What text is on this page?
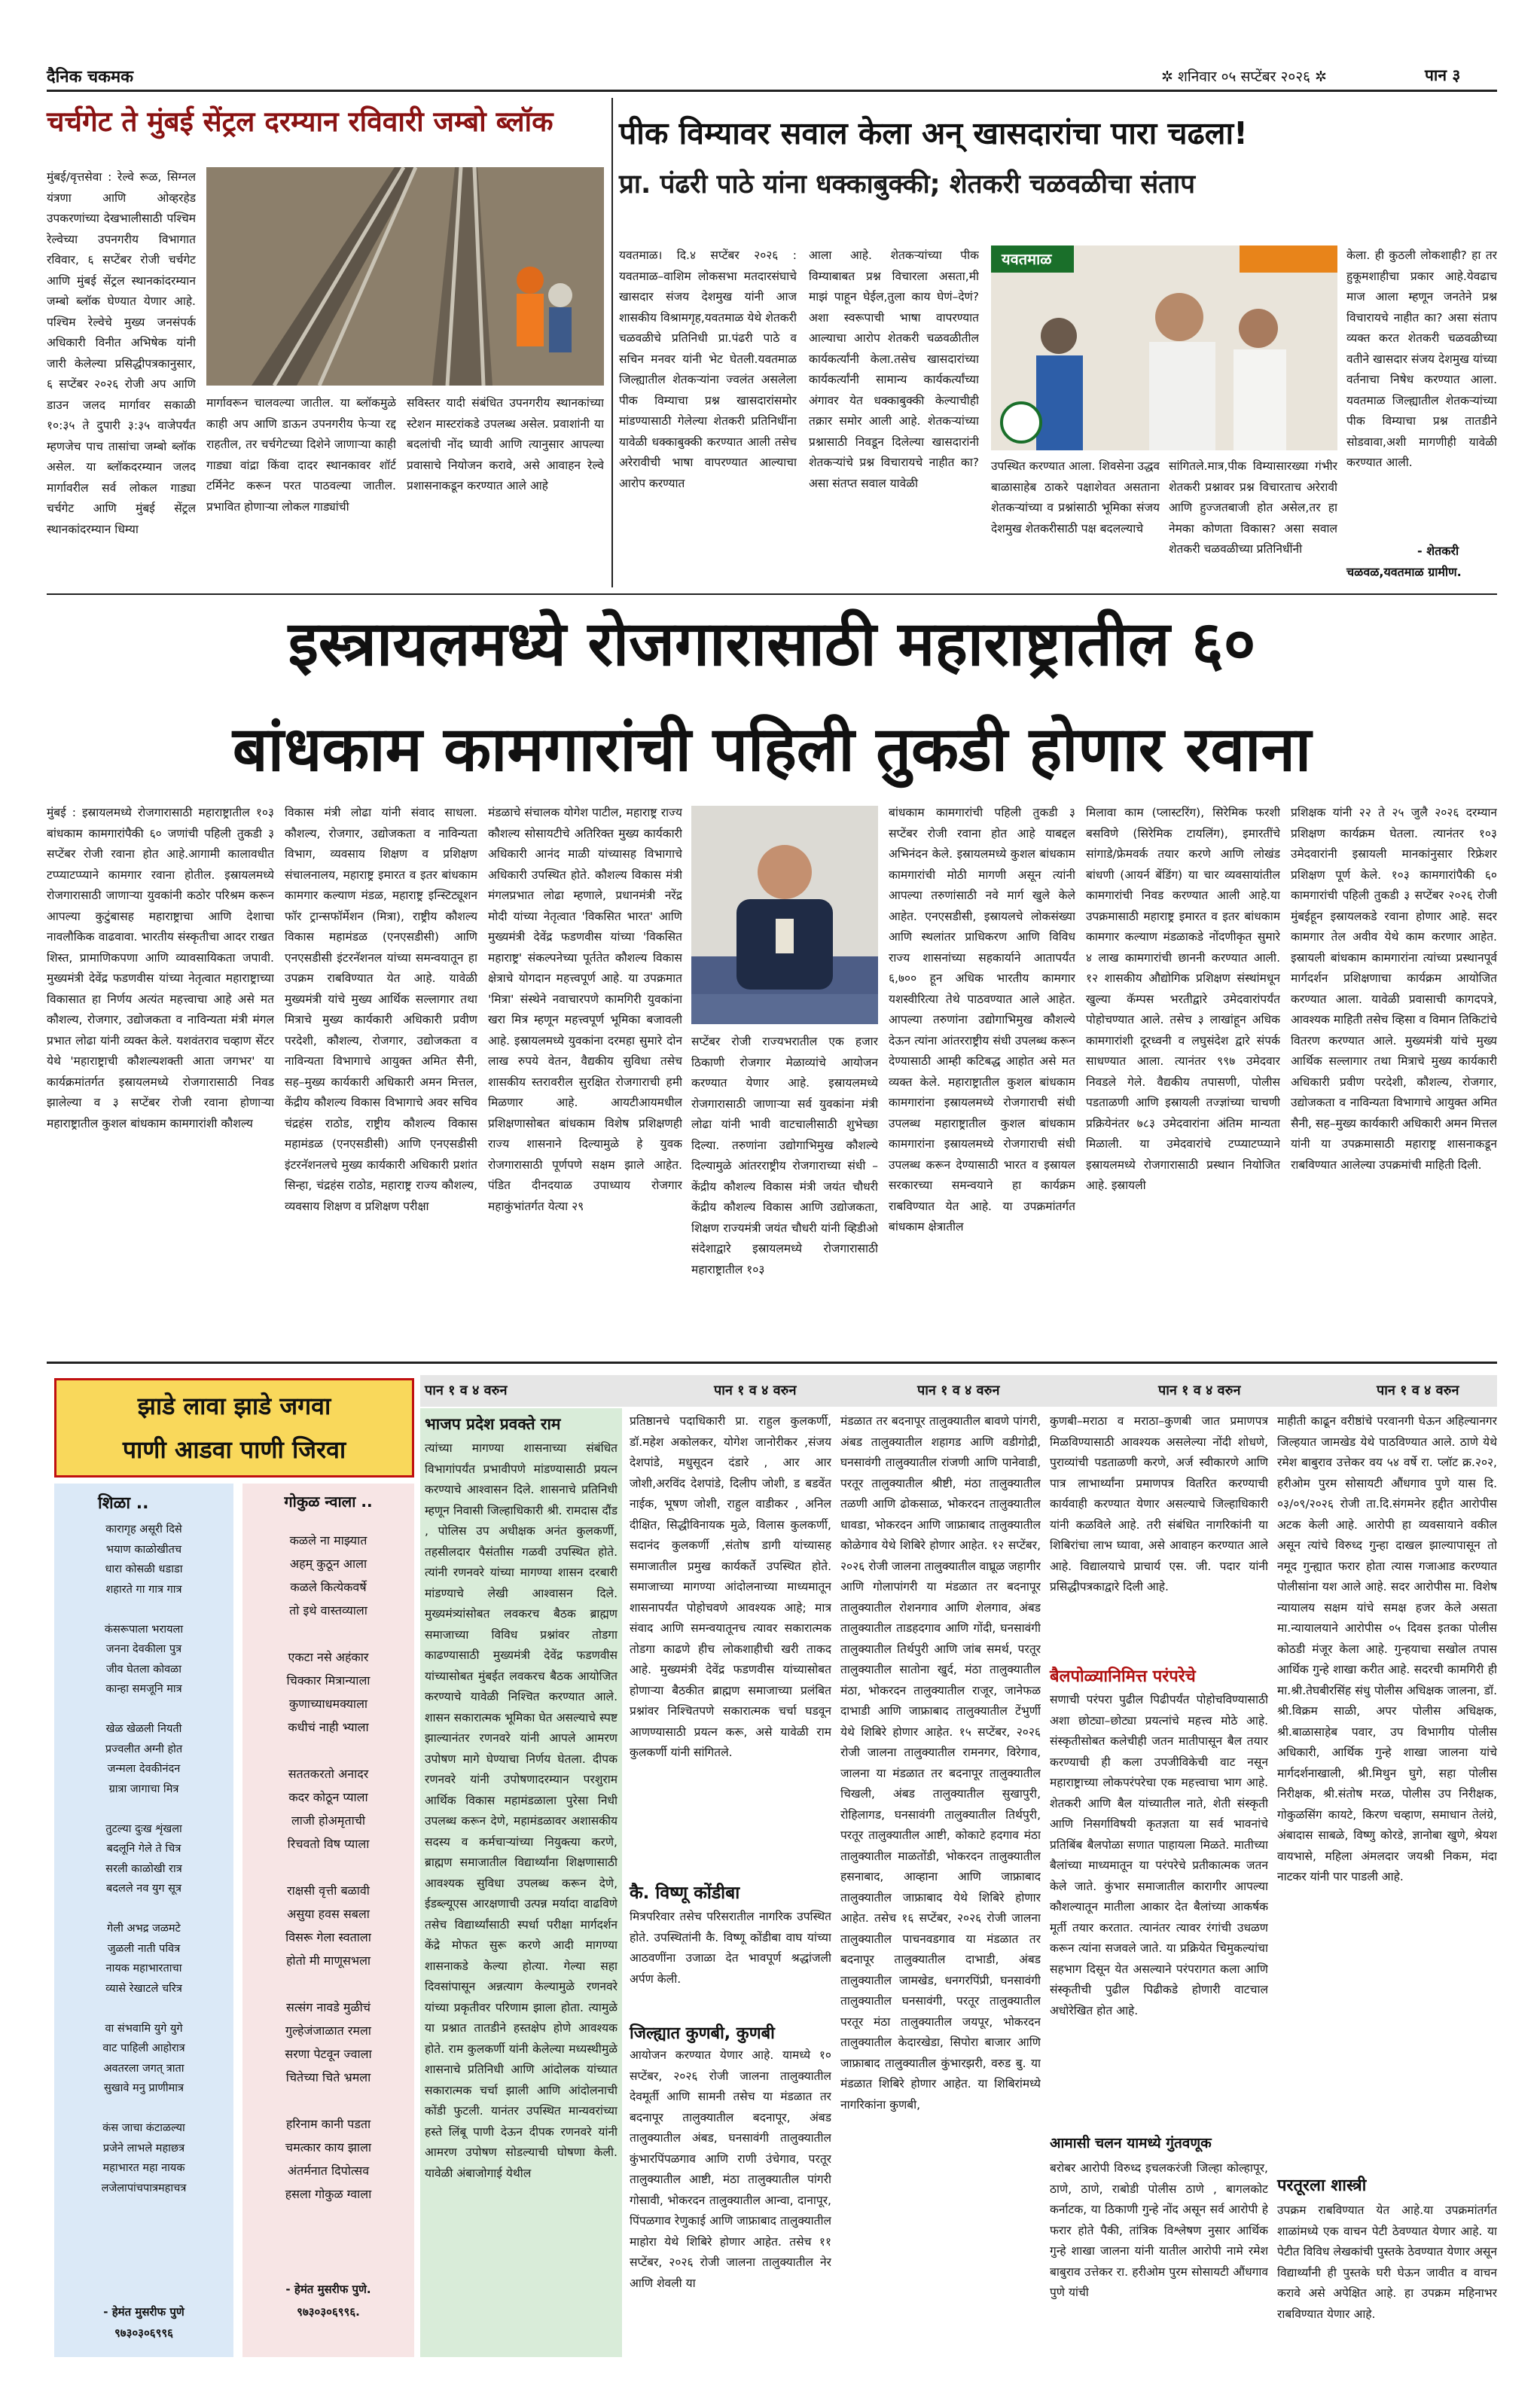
दैनिक चकमक	✲ शनिवार ०५ सप्टेंबर २०२६ ✲	पान ३
चर्चगेट ते मुंबई सेंट्रल दरम्यान रविवारी जम्बो ब्लॉक
मुंबई/वृत्तसेवा : रेल्वे रूळ, सिग्नल यंत्रणा आणि ओव्हरहेड उपकरणांच्या देखभालीसाठी पश्चिम रेल्वेच्या उपनगरीय विभागात रविवार, ६ सप्टेंबर रोजी चर्चगेट आणि मुंबई सेंट्रल स्थानकांदरम्यान जम्बो ब्लॉक घेण्यात येणार आहे. पश्चिम रेल्वेचे मुख्य जनसंपर्क अधिकारी विनीत अभिषेक यांनी जारी केलेल्या प्रसिद्धीपत्रकानुसार, ६ सप्टेंबर २०२६ रोजी अप आणि डाउन जलद मार्गावर सकाळी १०:३५ ते दुपारी ३:३५ वाजेपर्यंत म्हणजेच पाच तासांचा जम्बो ब्लॉक असेल. या ब्लॉकदरम्यान जलद मार्गावरील सर्व लोकल गाड्या चर्चगेट आणि मुंबई सेंट्रल स्थानकांदरम्यान धिम्या
मार्गावरून चालवल्या जातील. या ब्लॉकमुळे काही अप आणि डाऊन उपनगरीय फेऱ्या रद्द राहतील, तर चर्चगेटच्या दिशेने जाणाऱ्या काही गाड्या वांद्रा किंवा दादर स्थानकावर शॉर्ट टर्मिनेट करून परत पाठवल्या जातील. प्रभावित होणाऱ्या लोकल गाड्यांची
सविस्तर यादी संबंधित उपनगरीय स्थानकांच्या स्टेशन मास्टरांकडे उपलब्ध असेल. प्रवाशांनी या बदलांची नोंद घ्यावी आणि त्यानुसार आपल्या प्रवासाचे नियोजन करावे, असे आवाहन रेल्वे प्रशासनाकडून करण्यात आले आहे
पीक विम्यावर सवाल केला अन् खासदारांचा पारा चढला!
प्रा. पंढरी पाठे यांना धक्काबुक्की; शेतकरी चळवळीचा संताप
यवतमाळ। दि.४ सप्टेंबर २०२६ : यवतमाळ–वाशिम लोकसभा मतदारसंघाचे खासदार संजय देशमुख यांनी आज शासकीय विश्रामगृह,यवतमाळ येथे शेतकरी चळवळीचे प्रतिनिधी प्रा.पंढरी पाठे व सचिन मनवर यांनी भेट घेतली.यवतमाळ जिल्ह्यातील शेतकऱ्यांना ज्वलंत असलेला पीक विम्याचा प्रश्न खासदारांसमोर मांडण्यासाठी गेलेल्या शेतकरी प्रतिनिधींना यावेळी धक्काबुक्की करण्यात आली तसेच अरेरावीची भाषा वापरण्यात आल्याचा आरोप करण्यात
आला आहे. शेतकऱ्यांच्या पीक विम्याबाबत प्रश्न विचारला असता,मी माझं पाहून घेईल,तुला काय घेणं–देणं? अशा स्वरूपाची भाषा वापरण्यात आल्याचा आरोप शेतकरी चळवळीतील कार्यकर्त्यांनी केला.तसेच खासदारांच्या कार्यकर्त्यांनी सामान्य कार्यकर्त्यांच्या अंगावर येत धक्काबुक्की केल्याचीही तक्रार समोर आली आहे. शेतकऱ्यांच्या प्रश्नासाठी निवडून दिलेल्या खासदारांनी शेतकऱ्यांचे प्रश्न विचारायचे नाहीत का? असा संतप्त सवाल यावेळी
यवतमाळ
उपस्थित करण्यात आला. शिवसेना उद्धव बाळासाहेब ठाकरे पक्षाशेवत असताना शेतकऱ्यांच्या व प्रश्नांसाठी भूमिका संजय देशमुख शेतकरीसाठी पक्ष बदलल्याचे
सांगितले.मात्र,पीक विम्यासारख्या गंभीर शेतकरी प्रश्नावर प्रश्न विचारताच अरेरावी आणि हुज्जतबाजी होत असेल,तर हा नेमका कोणता विकास? असा सवाल शेतकरी चळवळीच्या प्रतिनिधींनी
केला. ही कुठली लोकशाही? हा तर हुकूमशाहीचा प्रकार आहे.येवढाच माज आला म्हणून जनतेने प्रश्न विचारायचे नाहीत का? असा संताप व्यक्त करत शेतकरी चळवळीच्या वतीने खासदार संजय देशमुख यांच्या वर्तनाचा निषेध करण्यात आला. यवतमाळ जिल्ह्यातील शेतकऱ्यांच्या पीक विम्याचा प्रश्न तातडीने सोडवावा,अशी मागणीही यावेळी करण्यात आली.
- शेतकरी
चळवळ,यवतमाळ ग्रामीण.
इस्त्रायलमध्ये रोजगारासाठी महाराष्ट्रातील ६०
बांधकाम कामगारांची पहिली तुकडी होणार रवाना
मुंबई : इस्रायलमध्ये रोजगारासाठी महाराष्ट्रातील १०३ बांधकाम कामगारांपैकी ६० जणांची पहिली तुकडी ३ सप्टेंबर रोजी रवाना होत आहे.आगामी कालावधीत टप्प्याटप्प्याने कामगार रवाना होतील. इस्रायलमध्ये रोजगारासाठी जाणाऱ्या युवकांनी कठोर परिश्रम करून आपल्या कुटुंबासह महाराष्ट्राचा आणि देशाचा नावलौकिक वाढवावा. भारतीय संस्कृतीचा आदर राखत शिस्त, प्रामाणिकपणा आणि व्यावसायिकता जपावी. मुख्यमंत्री देवेंद्र फडणवीस यांच्या नेतृत्वात महाराष्ट्राच्या विकासात हा निर्णय अत्यंत महत्त्वाचा आहे असे मत कौशल्य, रोजगार, उद्योजकता व नाविन्यता मंत्री मंगल प्रभात लोढा यांनी व्यक्त केले. यशवंतराव चव्हाण सेंटर येथे 'महाराष्ट्राची कौशल्यशक्ती आता जगभर' या कार्यक्रमांतर्गत इस्रायलमध्ये रोजगारासाठी निवड झालेल्या व ३ सप्टेंबर रोजी रवाना होणाऱ्या महाराष्ट्रातील कुशल बांधकाम कामगारांशी कौशल्य
विकास मंत्री लोढा यांनी संवाद साधला. कौशल्य, रोजगार, उद्योजकता व नाविन्यता विभाग, व्यवसाय शिक्षण व प्रशिक्षण संचालनालय, महाराष्ट्र इमारत व इतर बांधकाम कामगार कल्याण मंडळ, महाराष्ट्र इन्स्टिट्यूशन फॉर ट्रान्सफॉर्मेशन (मित्रा), राष्ट्रीय कौशल्य विकास महामंडळ (एनएसडीसी) आणि एनएसडीसी इंटरनॅशनल यांच्या समन्वयातून हा उपक्रम राबविण्यात येत आहे. यावेळी मुख्यमंत्री यांचे मुख्य आर्थिक सल्लागार तथा मित्राचे मुख्य कार्यकारी अधिकारी प्रवीण परदेशी, कौशल्य, रोजगार, उद्योजकता व नाविन्यता विभागाचे आयुक्त अमित सैनी, सह–मुख्य कार्यकारी अधिकारी अमन मित्तल, केंद्रीय कौशल्य विकास विभागाचे अवर सचिव चंद्रहंस राठोड, राष्ट्रीय कौशल्य विकास महामंडळ (एनएसडीसी) आणि एनएसडीसी इंटरनॅशनलचे मुख्य कार्यकारी अधिकारी प्रशांत सिन्हा, चंद्रहंस राठोड, महाराष्ट्र राज्य कौशल्य, व्यवसाय शिक्षण व प्रशिक्षण परीक्षा
मंडळाचे संचालक योगेश पाटील, महाराष्ट्र राज्य कौशल्य सोसायटीचे अतिरिक्त मुख्य कार्यकारी अधिकारी आनंद माळी यांच्यासह विभागाचे अधिकारी उपस्थित होते. कौशल्य विकास मंत्री मंगलप्रभात लोढा म्हणाले, प्रधानमंत्री नरेंद्र मोदी यांच्या नेतृत्वात 'विकसित भारत' आणि मुख्यमंत्री देवेंद्र फडणवीस यांच्या 'विकसित महाराष्ट्र' संकल्पनेच्या पूर्ततेत कौशल्य विकास क्षेत्राचे योगदान महत्त्वपूर्ण आहे. या उपक्रमात 'मित्रा' संस्थेने नवाचारपणे कामगिरी युवकांना खरा मित्र म्हणून महत्त्वपूर्ण भूमिका बजावली आहे. इस्रायलमध्ये युवकांना दरमहा सुमारे दोन लाख रुपये वेतन, वैद्यकीय सुविधा तसेच शासकीय स्तरावरील सुरक्षित रोजगाराची हमी मिळणार आहे. आयटीआयमधील प्रशिक्षणासोबत बांधकाम विशेष प्रशिक्षणही राज्य शासनाने दिल्यामुळे हे युवक रोजगारासाठी पूर्णपणे सक्षम झाले आहेत. पंडित दीनदयाळ उपाध्याय रोजगार महाकुंभांतर्गत येत्या २९
सप्टेंबर रोजी राज्यभरातील एक हजार ठिकाणी रोजगार मेळाव्यांचे आयोजन करण्यात येणार आहे. इस्रायलमध्ये रोजगारासाठी जाणाऱ्या सर्व युवकांना मंत्री लोढा यांनी भावी वाटचालीसाठी शुभेच्छा दिल्या. तरुणांना उद्योगाभिमुख कौशल्ये दिल्यामुळे आंतरराष्ट्रीय रोजगाराच्या संधी – केंद्रीय कौशल्य विकास मंत्री जयंत चौधरी केंद्रीय कौशल्य विकास आणि उद्योजकता, शिक्षण राज्यमंत्री जयंत चौधरी यांनी व्हिडीओ संदेशाद्वारे इस्रायलमध्ये रोजगारासाठी महाराष्ट्रातील १०३
बांधकाम कामगारांची पहिली तुकडी ३ सप्टेंबर रोजी रवाना होत आहे याबद्दल अभिनंदन केले. इस्रायलमध्ये कुशल बांधकाम कामगारांची मोठी मागणी असून त्यांनी आपल्या तरुणांसाठी नवे मार्ग खुले केले आहेत. एनएसडीसी, इस्रायलचे लोकसंख्या आणि स्थलांतर प्राधिकरण आणि विविध राज्य शासनांच्या सहकार्याने आतापर्यंत ६,७०० हून अधिक भारतीय कामगार यशस्वीरित्या तेथे पाठवण्यात आले आहेत. आपल्या तरुणांना उद्योगाभिमुख कौशल्ये देऊन त्यांना आंतरराष्ट्रीय संधी उपलब्ध करून देण्यासाठी आम्ही कटिबद्ध आहोत असे मत व्यक्त केले. महाराष्ट्रातील कुशल बांधकाम कामगारांना इस्रायलमध्ये रोजगाराची संधी उपलब्ध महाराष्ट्रातील कुशल बांधकाम कामगारांना इस्रायलमध्ये रोजगाराची संधी उपलब्ध करून देण्यासाठी भारत व इस्रायल सरकारच्या समन्वयाने हा कार्यक्रम राबविण्यात येत आहे. या उपक्रमांतर्गत बांधकाम क्षेत्रातील
मिलावा काम (प्लास्टरिंग), सिरेमिक फरशी बसविणे (सिरेमिक टायलिंग), इमारतींचे सांगाडे/फ्रेमवर्क तयार करणे आणि लोखंड बांधणी (आयर्न बेंडिंग) या चार व्यवसायांतील कामगारांची निवड करण्यात आली आहे.या उपक्रमासाठी महाराष्ट्र इमारत व इतर बांधकाम कामगार कल्याण मंडळाकडे नोंदणीकृत सुमारे ४ लाख कामगारांची छाननी करण्यात आली. १२ शासकीय औद्योगिक प्रशिक्षण संस्थांमधून खुल्या कॅम्पस भरतीद्वारे उमेदवारांपर्यंत पोहोचण्यात आले. तसेच ३ लाखांहून अधिक कामगारांशी दूरध्वनी व लघुसंदेश द्वारे संपर्क साधण्यात आला. त्यानंतर ९९७ उमेदवार निवडले गेले. वैद्यकीय तपासणी, पोलीस पडताळणी आणि इस्रायली तज्ज्ञांच्या चाचणी प्रक्रियेनंतर ७८३ उमेदवारांना अंतिम मान्यता मिळाली. या उमेदवारांचे टप्प्याटप्प्याने इस्रायलमध्ये रोजगारासाठी प्रस्थान नियोजित आहे. इस्रायली
प्रशिक्षक यांनी २२ ते २५ जुलै २०२६ दरम्यान प्रशिक्षण कार्यक्रम घेतला. त्यानंतर १०३ उमेदवारांनी इस्रायली मानकांनुसार रिफ्रेशर प्रशिक्षण पूर्ण केले. १०३ कामगारांपैकी ६० कामगारांची पहिली तुकडी ३ सप्टेंबर २०२६ रोजी मुंबईहून इस्रायलकडे रवाना होणार आहे. सदर कामगार तेल अवीव येथे काम करणार आहेत. इस्रायली बांधकाम कामगारांना त्यांच्या प्रस्थानपूर्व मार्गदर्शन प्रशिक्षणाचा कार्यक्रम आयोजित करण्यात आला. यावेळी प्रवासाची कागदपत्रे, आवश्यक माहिती तसेच व्हिसा व विमान तिकिटांचे वितरण करण्यात आले. मुख्यमंत्री यांचे मुख्य आर्थिक सल्लागार तथा मित्राचे मुख्य कार्यकारी अधिकारी प्रवीण परदेशी, कौशल्य, रोजगार, उद्योजकता व नाविन्यता विभागाचे आयुक्त अमित सैनी, सह–मुख्य कार्यकारी अधिकारी अमन मित्तल यांनी या उपक्रमासाठी महाराष्ट्र शासनाकडून राबविण्यात आलेल्या उपक्रमांची माहिती दिली.
झाडे लावा झाडे जगवा
पाणी आडवा पाणी जिरवा
शिळा ..
कारागृह असूरी दिसे
भयाण काळोखीतच
धारा कोसळी धडाडा
शहारते गा गात्र गात्र

कंसरूपाला भरायला
जनना देवकीला पुत्र
जीव घेतला कोवळा
कान्हा समजूनि मात्र

खेळ खेळली नियती
प्रज्वलीत अग्नी होत
जन्मला देवकीनंदन
ग्रात्रा जागाचा मित्र

तुटल्या दुःख शृंखला
बदलूनि गेले ते चित्र
सरली काळोखी रात्र
बदलले नव युग सूत्र

गेली अभद्र जळमटे
जुळली नाती पवित्र
नायक महाभारताचा
व्यासे रेखाटले चरित्र

वा संभवामि युगे युगे
वाट पाहिली आहोरात्र
अवतरला जगत् त्राता
सुखावे मनु प्राणीमात्र

कंस जाचा कंटाळल्या
प्रजेने लाभले महाछत्र
महाभारत महा नायक
लजेलापांचपात्रमहाचत्र
- हेमंत मुसरीफ पुणे
९७३०३०६९९६
गोकुळ न्वाला ..
कळले ना माझ्यात
अहम् कुठून आला
कळले कित्येकवर्षे
तो इथे वास्तव्याला

एकटा नसे अहंकार
चिक्कार मित्रान्याला
कुणाच्याधमक्याला
कधीचं नाही भ्याला

सततकरतो अनादर
कदर कोठून प्याला
लाजी होअमृताची
रिचवतो विष प्याला

राक्षसी वृत्ती बळावी
असुया हवस सबला
विसरू गेला स्वताला
होतो मी माणूसभला

सत्संग नावडे मुळीचं
गुल्हेजंजाळात रमला
सरणा पेटवून ज्वाला
चितेच्या चिते भ्रमला

हरिनाम कानी पडता
चमत्कार काय झाला
अंतर्मनात दिपोत्सव
हसला गोकुळ ग्वाला
- हेमंत मुसरीफ पुणे.
९७३०३०६९९६.
पान १ व ४ वरुन	पान १ व ४ वरुन	पान १ व ४ वरुन	पान १ व ४ वरुन	पान १ व ४ वरुन
भाजप प्रदेश प्रवक्ते राम
त्यांच्या मागण्या शासनाच्या संबंधित विभागांपर्यंत प्रभावीपणे मांडण्यासाठी प्रयत्न करण्याचे आश्वासन दिले. शासनाचे प्रतिनिधी म्हणून निवासी जिल्हाधिकारी श्री. रामदास दौंड , पोलिस उप अधीक्षक अनंत कुलकर्णी, तहसीलदार पैसंताीस गळवी उपस्थित होते. त्यांनी रणनवरे यांच्या मागण्या शासन दरबारी मांडण्याचे लेखी आश्वासन दिले. मुख्यमंत्र्यांसोबत लवकरच बैठक ब्राह्मण समाजाच्या विविध प्रश्नांवर तोडगा काढण्यासाठी मुख्यमंत्री देवेंद्र फडणवीस यांच्यासोबत मुंबईत लवकरच बैठक आयोजित करण्याचे यावेळी निश्चित करण्यात आले. शासन सकारात्मक भूमिका घेत असल्याचे स्पष्ट झाल्यानंतर रणनवरे यांनी आपले आमरण उपोषण मागे घेण्याचा निर्णय घेतला. दीपक रणनवरे यांनी उपोषणादरम्यान परशुराम आर्थिक विकास महामंडळाला पुरेसा निधी उपलब्ध करून देणे, महामंडळावर अशासकीय सदस्य व कर्मचाऱ्यांच्या नियुक्त्या करणे, ब्राह्मण समाजातील विद्यार्थ्यांना शिक्षणासाठी आवश्यक सुविधा उपलब्ध करून देणे, ईडब्ल्यूएस आरक्षणाची उत्पन्न मर्यादा वाढविणे तसेच विद्यार्थ्यांसाठी स्पर्धा परीक्षा मार्गदर्शन केंद्रे मोफत सुरू करणे आदी मागण्या शासनाकडे केल्या होत्या. गेल्या सहा दिवसांपासून अन्नत्याग केल्यामुळे रणनवरे यांच्या प्रकृतीवर परिणाम झाला होता. त्यामुळे या प्रश्नात तातडीने हस्तक्षेप होणे आवश्यक होते. राम कुलकर्णी यांनी केलेल्या मध्यस्थीमुळे शासनाचे प्रतिनिधी आणि आंदोलक यांच्यात सकारात्मक चर्चा झाली आणि आंदोलनाची कोंडी फुटली. यानंतर उपस्थित मान्यवरांच्या हस्ते लिंबू पाणी देऊन दीपक रणनवरे यांनी आमरण उपोषण सोडल्याची घोषणा केली. यावेळी अंबाजोगाई येथील
प्रतिष्ठानचे पदाधिकारी प्रा. राहुल कुलकर्णी, डॉ.महेश अकोलकर, योगेश जानोरीकर ,संजय देशपांडे, मधुसूदन दंडारे , आर आर जोशी,अरविंद देशपांडे, दिलीप जोशी, ड बडवेंत नाईक, भूषण जोशी, राहुल वाडीकर , अनिल दीक्षित, सिद्धीविनायक मुळे, विलास कुलकर्णी, सदानंद कुलकर्णी ,संतोष डागी यांच्यासह समाजातील प्रमुख कार्यकर्ते उपस्थित होते. समाजाच्या मागण्या आंदोलनाच्या माध्यमातून शासनापर्यंत पोहोचवणे आवश्यक आहे; मात्र संवाद आणि समन्वयातूनच त्यावर सकारात्मक तोडगा काढणे हीच लोकशाहीची खरी ताकद आहे. मुख्यमंत्री देवेंद्र फडणवीस यांच्यासोबत होणाऱ्या बैठकीत ब्राह्मण समाजाच्या प्रलंबित प्रश्नांवर निश्चितपणे सकारात्मक चर्चा घडवून आणण्यासाठी प्रयत्न करू, असे यावेळी राम कुलकर्णी यांनी सांगितले.
कै. विष्णू कोंडीबा
मित्रपरिवार तसेच परिसरातील नागरिक उपस्थित होते. उपस्थितांनी कै. विष्णू कोंडीबा वाघ यांच्या आठवणींना उजाळा देत भावपूर्ण श्रद्धांजली अर्पण केली.
जिल्ह्यात कुणबी, कुणबी
आयोजन करण्यात येणार आहे. यामध्ये १० सप्टेंबर, २०२६ रोजी जालना तालुक्यातील देवमूर्ती आणि सामनी तसेच या मंडळात तर बदनापूर तालुक्यातील बदनापूर, अंबड तालुक्यातील अंबड, घनसावंगी तालुक्यातील कुंभारपिंपळगाव आणि राणी उंचेगाव, परतूर तालुक्यातील आष्टी, मंठा तालुक्यातील पांगरी गोसावी, भोकरदन तालुक्यातील आन्वा, दानापूर, पिंपळगाव रेणुकाई आणि जाफ्राबाद तालुक्यातील माहोरा येथे शिबिरे होणार आहेत. तसेच ११ सप्टेंबर, २०२६ रोजी जालना तालुक्यातील नेर आणि शेवली या
मंडळात तर बदनापूर तालुक्यातील बावणे पांगरी, अंबड तालुक्यातील शहागड आणि वडीगोद्री, घनसावंगी तालुक्यातील रांजणी आणि पानेवाडी, परतूर तालुक्यातील श्रीष्टी, मंठा तालुक्यातील तळणी आणि ढोकसाळ, भोकरदन तालुक्यातील धावडा, भोकरदन आणि जाफ्राबाद तालुक्यातील कोळेगाव येथे शिबिरे होणार आहेत. १२ सप्टेंबर, २०२६ रोजी जालना तालुक्यातील वाघ्रूळ जहागीर आणि गोलापांगरी या मंडळात तर बदनापूर तालुक्यातील रोशनगाव आणि शेलगाव, अंबड तालुक्यातील ताडहदगाव आणि गोंदी, घनसावंगी तालुक्यातील तिर्थपुरी आणि जांब समर्थ, परतूर तालुक्यातील सातोना खुर्द, मंठा तालुक्यातील मंठा, भोकरदन तालुक्यातील राजूर, जानेफळ दाभाडी आणि जाफ्राबाद तालुक्यातील टेंभुर्णी येथे शिबिरे होणार आहेत. १५ सप्टेंबर, २०२६ रोजी जालना तालुक्यातील रामनगर, विरेगाव, जालना या मंडळात तर बदनापूर तालुक्यातील चिखली, अंबड तालुक्यातील सुखापुरी, रोहिलागड, घनसावंगी तालुक्यातील तिर्थपुरी, परतूर तालुक्यातील आष्टी, कोकाटे हदगाव मंठा तालुक्यातील माळतोंडी, भोकरदन तालुक्यातील हसनाबाद, आव्हाना आणि जाफ्राबाद तालुक्यातील जाफ्राबाद येथे शिबिरे होणार आहेत. तसेच १६ सप्टेंबर, २०२६ रोजी जालना तालुक्यातील पाचनवडगाव या मंडळात तर बदनापूर तालुक्यातील दाभाडी, अंबड तालुक्यातील जामखेड, धनगरपिंप्री, घनसावंगी तालुक्यातील घनसावंगी, परतूर तालुक्यातील परतूर मंठा तालुक्यातील जयपूर, भोकरदन तालुक्यातील केदारखेडा, सिपोरा बाजार आणि जाफ्राबाद तालुक्यातील कुंभारझरी, वरुड बु. या मंडळात शिबिरे होणार आहेत. या शिबिरांमध्ये नागरिकांना कुणबी,
कुणबी–मराठा व मराठा–कुणबी जात प्रमाणपत्र मिळविण्यासाठी आवश्यक असलेल्या नोंदी शोधणे, पुराव्यांची पडताळणी करणे, अर्ज स्वीकारणे आणि पात्र लाभार्थ्यांना प्रमाणपत्र वितरित करण्याची कार्यवाही करण्यात येणार असल्याचे जिल्हाधिकारी यांनी कळविले आहे. तरी संबंधित नागरिकांनी या शिबिरांचा लाभ घ्यावा, असे आवाहन करण्यात आले आहे. विद्यालयाचे प्राचार्य एस. जी. पदार यांनी प्रसिद्धीपत्रकाद्वारे दिली आहे.
बैलपोळ्यानिमित्त परंपरेचे
सणाची परंपरा पुढील पिढीपर्यंत पोहोचविण्यासाठी अशा छोट्या–छोट्या प्रयत्नांचे महत्त्व मोठे आहे. संस्कृतीसोबत कलेचीही जतन मातीपासून बैल तयार करण्याची ही कला उपजीविकेची वाट नसून महाराष्ट्राच्या लोकपरंपरेचा एक महत्त्वाचा भाग आहे. शेतकरी आणि बैल यांच्यातील नाते, शेती संस्कृती आणि निसर्गाविषयी कृतज्ञता या सर्व भावनांचे प्रतिबिंब बैलपोळा सणात पाहायला मिळते. मातीच्या बैलांच्या माध्यमातून या परंपरेचे प्रतीकात्मक जतन केले जाते. कुंभार समाजातील कारागीर आपल्या कौशल्यातून मातीला आकार देत बैलांच्या आकर्षक मूर्ती तयार करतात. त्यानंतर त्यावर रंगांची उधळण करून त्यांना सजवले जाते. या प्रक्रियेत चिमुकल्यांचा सहभाग दिसून येत असल्याने परंपरागत कला आणि संस्कृतीची पुढील पिढीकडे होणारी वाटचाल अधोरेखित होत आहे.
आमासी चलन यामध्ये गुंतवणूक
बरोबर आरोपी विरुध्द इचलकरंजी जिल्हा कोल्हापूर, ठाणे, ठाणे, राबोडी पोलीस ठाणे , बागलकोट कर्नाटक, या ठिकाणी गुन्हे नोंद असून सर्व आरोपी हे फरार होते पैकी, तांत्रिक विश्लेषण नुसार आर्थिक गुन्हे शाखा जालना यांनी यातील आरोपी नामे रमेश बाबुराव उत्तेकर रा. हरीओम पुरम सोसायटी औंधगाव पुणे यांची
माहीती काढून वरीष्ठांचे परवानगी घेऊन अहिल्यानगर जिल्हयात जामखेड येथे पाठविण्यात आले. ठाणे येथे रमेश बाबुराव उत्तेकर वय ५४ वर्षे रा. प्लॉट क्र.२०२, हरीओम पुरम सोसायटी औंधगाव पुणे यास दि. ०३/०९/२०२६ रोजी ता.दि.संगमनेर हद्दीत आरोपीस अटक केली आहे. आरोपी हा व्यवसायाने वकील असून त्यांचे विरुध्द गुन्हा दाखल झाल्यापासून तो नमूद गुन्ह्यात फरार होता त्यास गजाआड करण्यात पोलीसांना यश आले आहे. सदर आरोपीस मा. विशेष न्यायालय सक्षम यांचे समक्ष हजर केले असता मा.न्यायालयाने आरोपीस ०५ दिवस इतका पोलीस कोठडी मंजूर केला आहे. गुन्हयाचा सखोल तपास आर्थिक गुन्हे शाखा करीत आहे. सदरची कामगिरी ही मा.श्री.तेघबीरसिंह संधु पोलीस अधिक्षक जालना, डॉ. श्री.विक्रम साळी, अपर पोलीस अधिक्षक, श्री.बाळासाहेब पवार, उप विभागीय पोलीस अधिकारी, आर्थिक गुन्हे शाखा जालना यांचे मार्गदर्शनाखाली, श्री.मिथुन घुगे, सहा पोलीस निरीक्षक, श्री.संतोष मरळ, पोलीस उप निरीक्षक, गोकुळसिंग कायटे, किरण चव्हाण, समाधान तेलंग्रे, अंबादास साबळे, विष्णु कोरडे, ज्ञानोबा खुणे, श्रेयश वायभासे, महिला अंमलदार जयश्री निकम, मंदा नाटकर यांनी पार पाडली आहे.
परतूरला शास्त्री
उपक्रम राबविण्यात येत आहे.या उपक्रमांतर्गत शाळांमध्ये एक वाचन पेटी ठेवण्यात येणार आहे. या पेटीत विविध लेखकांची पुस्तके ठेवण्यात येणार असून विद्यार्थ्यांनी ही पुस्तके घरी घेऊन जावीत व वाचन करावे असे अपेक्षित आहे. हा उपक्रम महिनाभर राबविण्यात येणार आहे.
